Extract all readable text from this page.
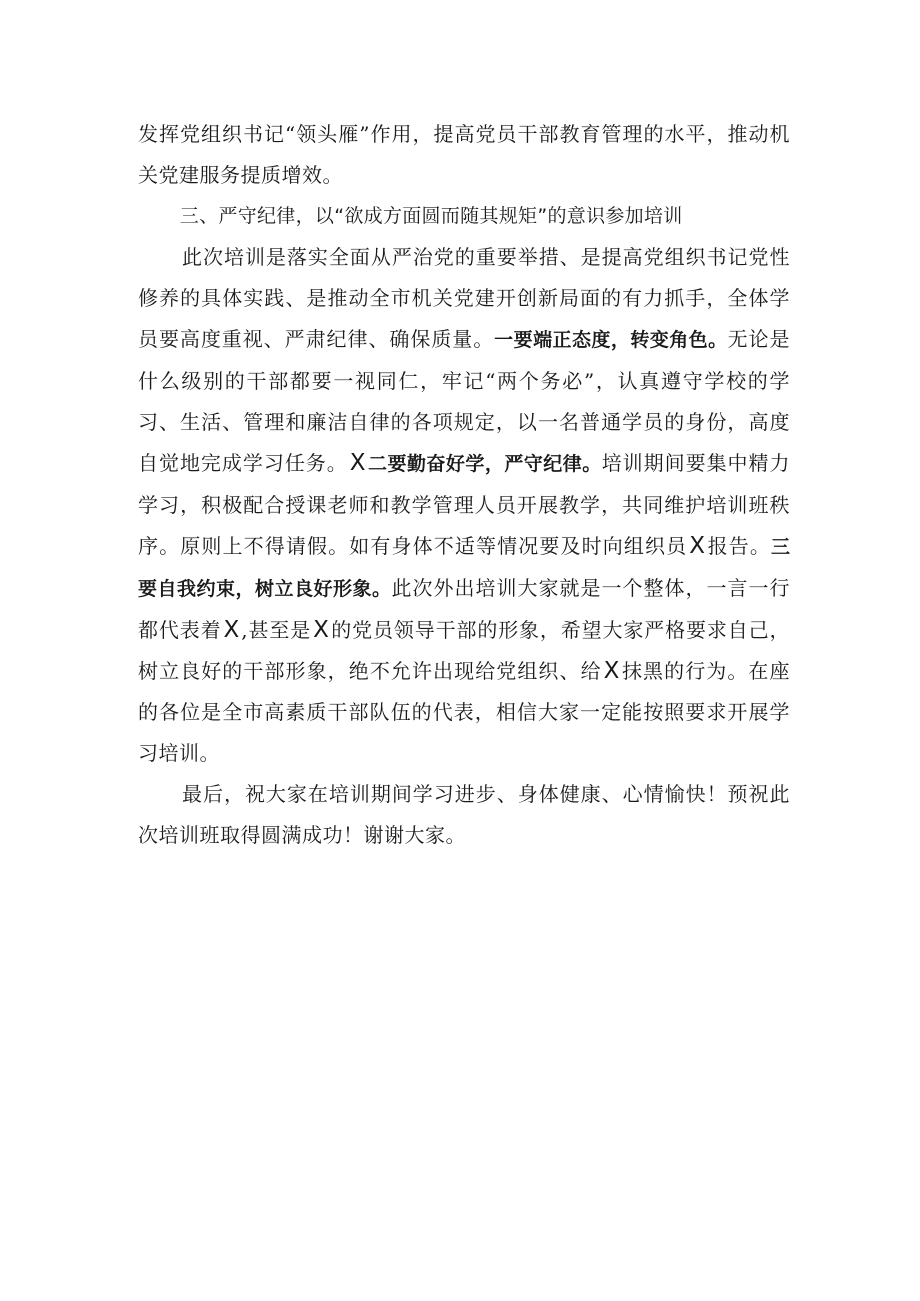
发挥党组织书记“领头雁”作用，提高党员干部教育管理的水平，推动机关党建服务提质增效。

三、严守纪律，以“欲成方面圆而随其规矩”的意识参加培训

此次培训是落实全面从严治党的重要举措、是提高党组织书记党性修养的具体实践、是推动全市机关党建开创新局面的有力抓手，全体学员要高度重视、严肃纪律、确保质量。一要端正态度，转变角色。无论是什么级别的干部都要一视同仁，牢记“两个务必”，认真遵守学校的学习、生活、管理和廉洁自律的各项规定，以一名普通学员的身份，高度自觉地完成学习任务。X 二要勤奋好学，严守纪律。培训期间要集中精力学习，积极配合授课老师和教学管理人员开展教学，共同维护培训班秩序。原则上不得请假。如有身体不适等情况要及时向组织员X 报告。三要自我约束，树立良好形象。此次外出培训大家就是一个整体，一言一行都代表着X ,甚至是X 的党员领导干部的形象，希望大家严格要求自己，树立良好的干部形象，绝不允许出现给党组织、给X 抹黑的行为。在座的各位是全市高素质干部队伍的代表，相信大家一定能按照要求开展学习培训。

最后，祝大家在培训期间学习进步、身体健康、心情愉快！预祝此次培训班取得圆满成功！谢谢大家。
